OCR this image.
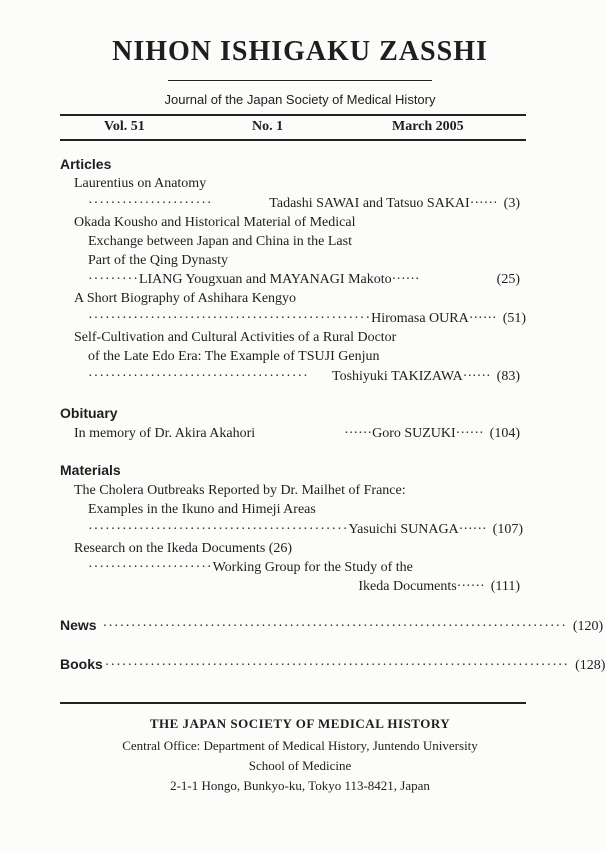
NIHON ISHIGAKU ZASSHI
Journal of the Japan Society of Medical History
Vol. 51	No. 1	March 2005
Articles
Laurentius on Anatomy
······················	Tadashi SAWAI and Tatsuo SAKAI······ (3)
Okada Kousho and Historical Material of Medical
Exchange between Japan and China in the Last
Part of the Qing Dynasty
········· LIANG Yougxuan and MAYANAGI Makoto······	(25)
A Short Biography of Ashihara Kengyo
·················································· Hiromasa OURA······ (51)
Self-Cultivation and Cultural Activities of a Rural Doctor
of the Late Edo Era: The Example of TSUJI Genjun
·······································	Toshiyuki TAKIZAWA······ (83)
Obituary
In memory of Dr. Akira Akahori	······Goro SUZUKI······ (104)
Materials
The Cholera Outbreaks Reported by Dr. Mailhet of France:
Examples in the Ikuno and Himeji Areas
·············································· Yasuichi SUNAGA······ (107)
Research on the Ikeda Documents (26)
······················ Working Group for the Study of the
Ikeda Documents······ (111)
News ·················································································· (120)
Books ·················································································· (128)
THE JAPAN SOCIETY OF MEDICAL HISTORY
Central Office: Department of Medical History, Juntendo University
School of Medicine
2-1-1 Hongo, Bunkyo-ku, Tokyo 113-8421, Japan
